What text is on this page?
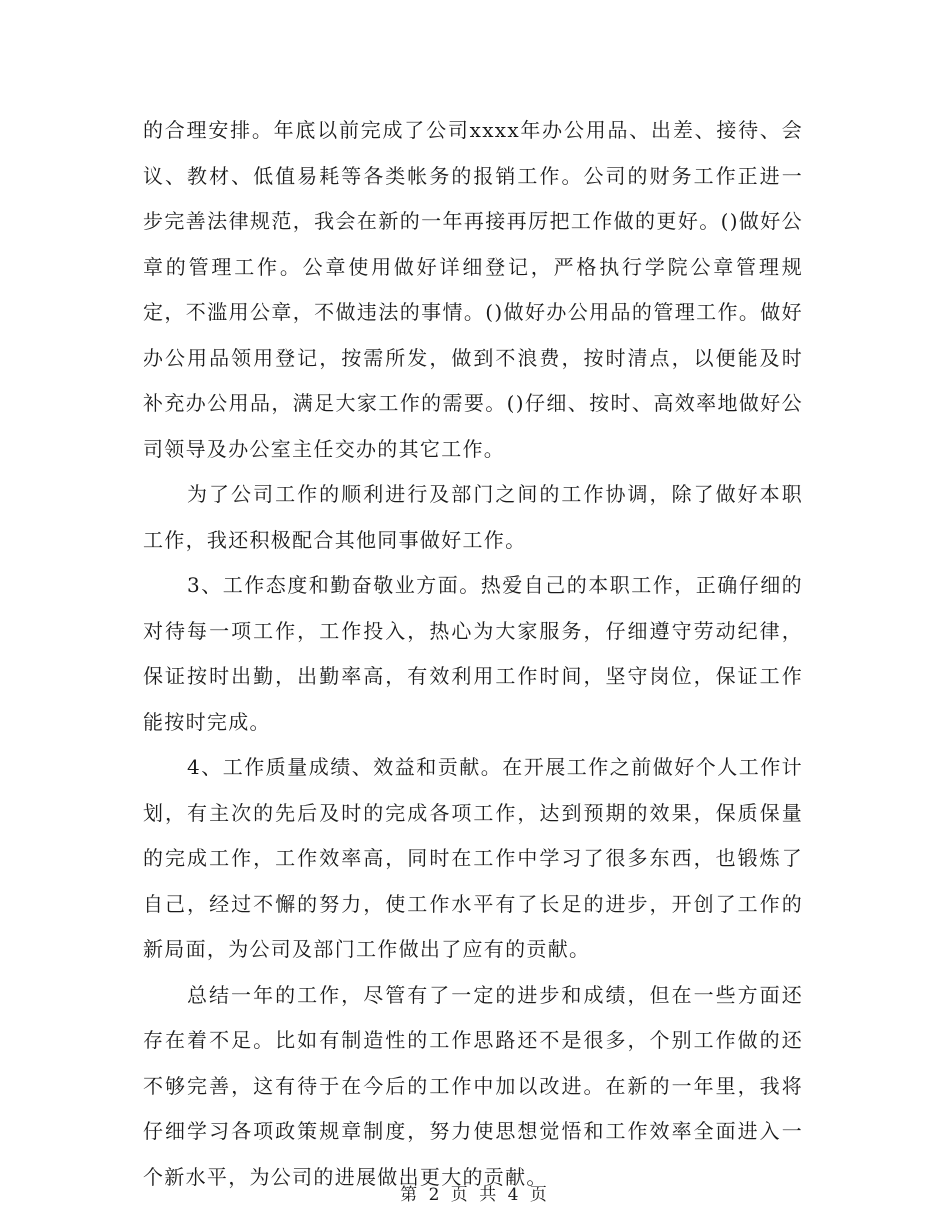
的合理安排。年底以前完成了公司xxxx年办公用品、出差、接待、会议、教材、低值易耗等各类帐务的报销工作。公司的财务工作正进一步完善法律规范，我会在新的一年再接再厉把工作做的更好。()做好公章的管理工作。公章使用做好详细登记，严格执行学院公章管理规定，不滥用公章，不做违法的事情。()做好办公用品的管理工作。做好办公用品领用登记，按需所发，做到不浪费，按时清点，以便能及时补充办公用品，满足大家工作的需要。()仔细、按时、高效率地做好公司领导及办公室主任交办的其它工作。

为了公司工作的顺利进行及部门之间的工作协调，除了做好本职工作，我还积极配合其他同事做好工作。

3、工作态度和勤奋敬业方面。热爱自己的本职工作，正确仔细的对待每一项工作，工作投入，热心为大家服务，仔细遵守劳动纪律，保证按时出勤，出勤率高，有效利用工作时间，坚守岗位，保证工作能按时完成。

4、工作质量成绩、效益和贡献。在开展工作之前做好个人工作计划，有主次的先后及时的完成各项工作，达到预期的效果，保质保量的完成工作，工作效率高，同时在工作中学习了很多东西，也锻炼了自己，经过不懈的努力，使工作水平有了长足的进步，开创了工作的新局面，为公司及部门工作做出了应有的贡献。

总结一年的工作，尽管有了一定的进步和成绩，但在一些方面还存在着不足。比如有制造性的工作思路还不是很多，个别工作做的还不够完善，这有待于在今后的工作中加以改进。在新的一年里，我将仔细学习各项政策规章制度，努力使思想觉悟和工作效率全面进入一个新水平，为公司的进展做出更大的贡献。

第 2 页 共 4 页
